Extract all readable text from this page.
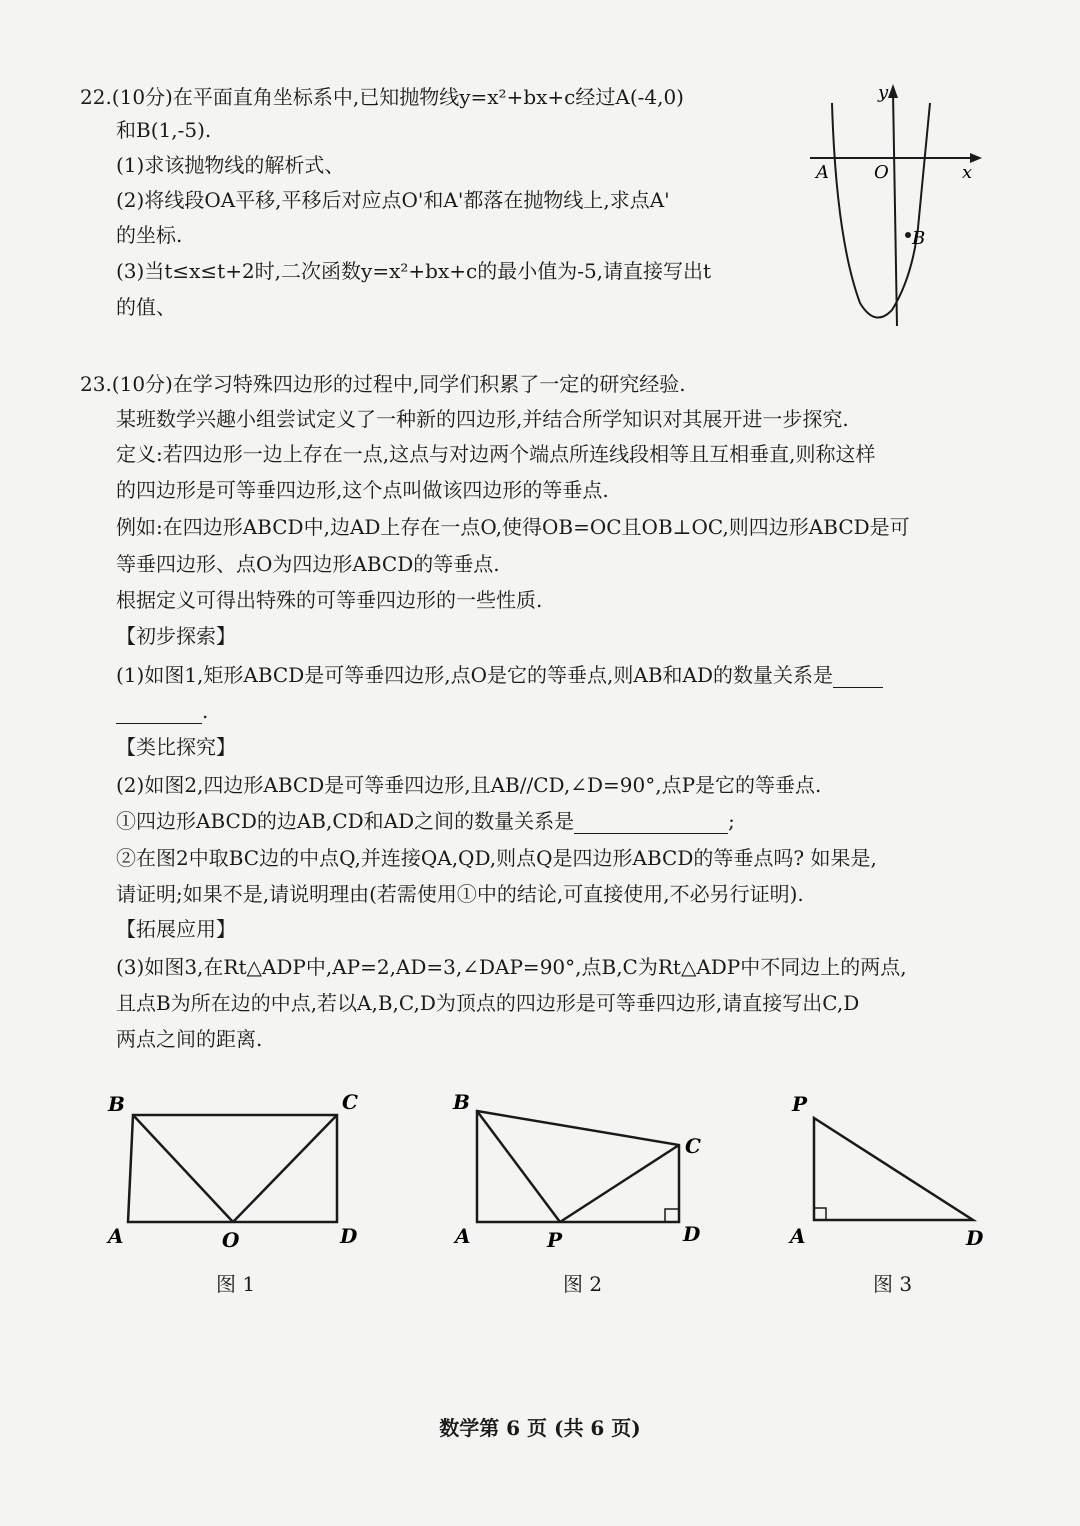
22.(10分)在平面直角坐标系中,已知抛物线y=x²+bx+c经过A(-4,0)
和B(1,-5).
(1)求该抛物线的解析式、
(2)将线段OA平移,平移后对应点O'和A'都落在抛物线上,求点A'
的坐标.
(3)当t≤x≤t+2时,二次函数y=x²+bx+c的最小值为-5,请直接写出t
的值、
y
x
A	O
B
23.(10分)在学习特殊四边形的过程中,同学们积累了一定的研究经验.
某班数学兴趣小组尝试定义了一种新的四边形,并结合所学知识对其展开进一步探究.
定义:若四边形一边上存在一点,这点与对边两个端点所连线段相等且互相垂直,则称这样
的四边形是可等垂四边形,这个点叫做该四边形的等垂点.
例如:在四边形ABCD中,边AD上存在一点O,使得OB=OC且OB⊥OC,则四边形ABCD是可
等垂四边形、点O为四边形ABCD的等垂点.
根据定义可得出特殊的可等垂四边形的一些性质.
【初步探索】
(1)如图1,矩形ABCD是可等垂四边形,点O是它的等垂点,则AB和AD的数量关系是
.
【类比探究】
(2)如图2,四边形ABCD是可等垂四边形,且AB//CD,∠D=90°,点P是它的等垂点.
①四边形ABCD的边AB,CD和AD之间的数量关系是	;
②在图2中取BC边的中点Q,并连接QA,QD,则点Q是四边形ABCD的等垂点吗? 如果是,
请证明;如果不是,请说明理由(若需使用①中的结论,可直接使用,不必另行证明).
【拓展应用】
(3)如图3,在Rt△ADP中,AP=2,AD=3,∠DAP=90°,点B,C为Rt△ADP中不同边上的两点,
且点B为所在边的中点,若以A,B,C,D为顶点的四边形是可等垂四边形,请直接写出C,D
两点之间的距离.
B	C
A	O	D
图 1
B
C
A	P	D
图 2
P
A	D
图 3
数学第 6 页 (共 6 页)
